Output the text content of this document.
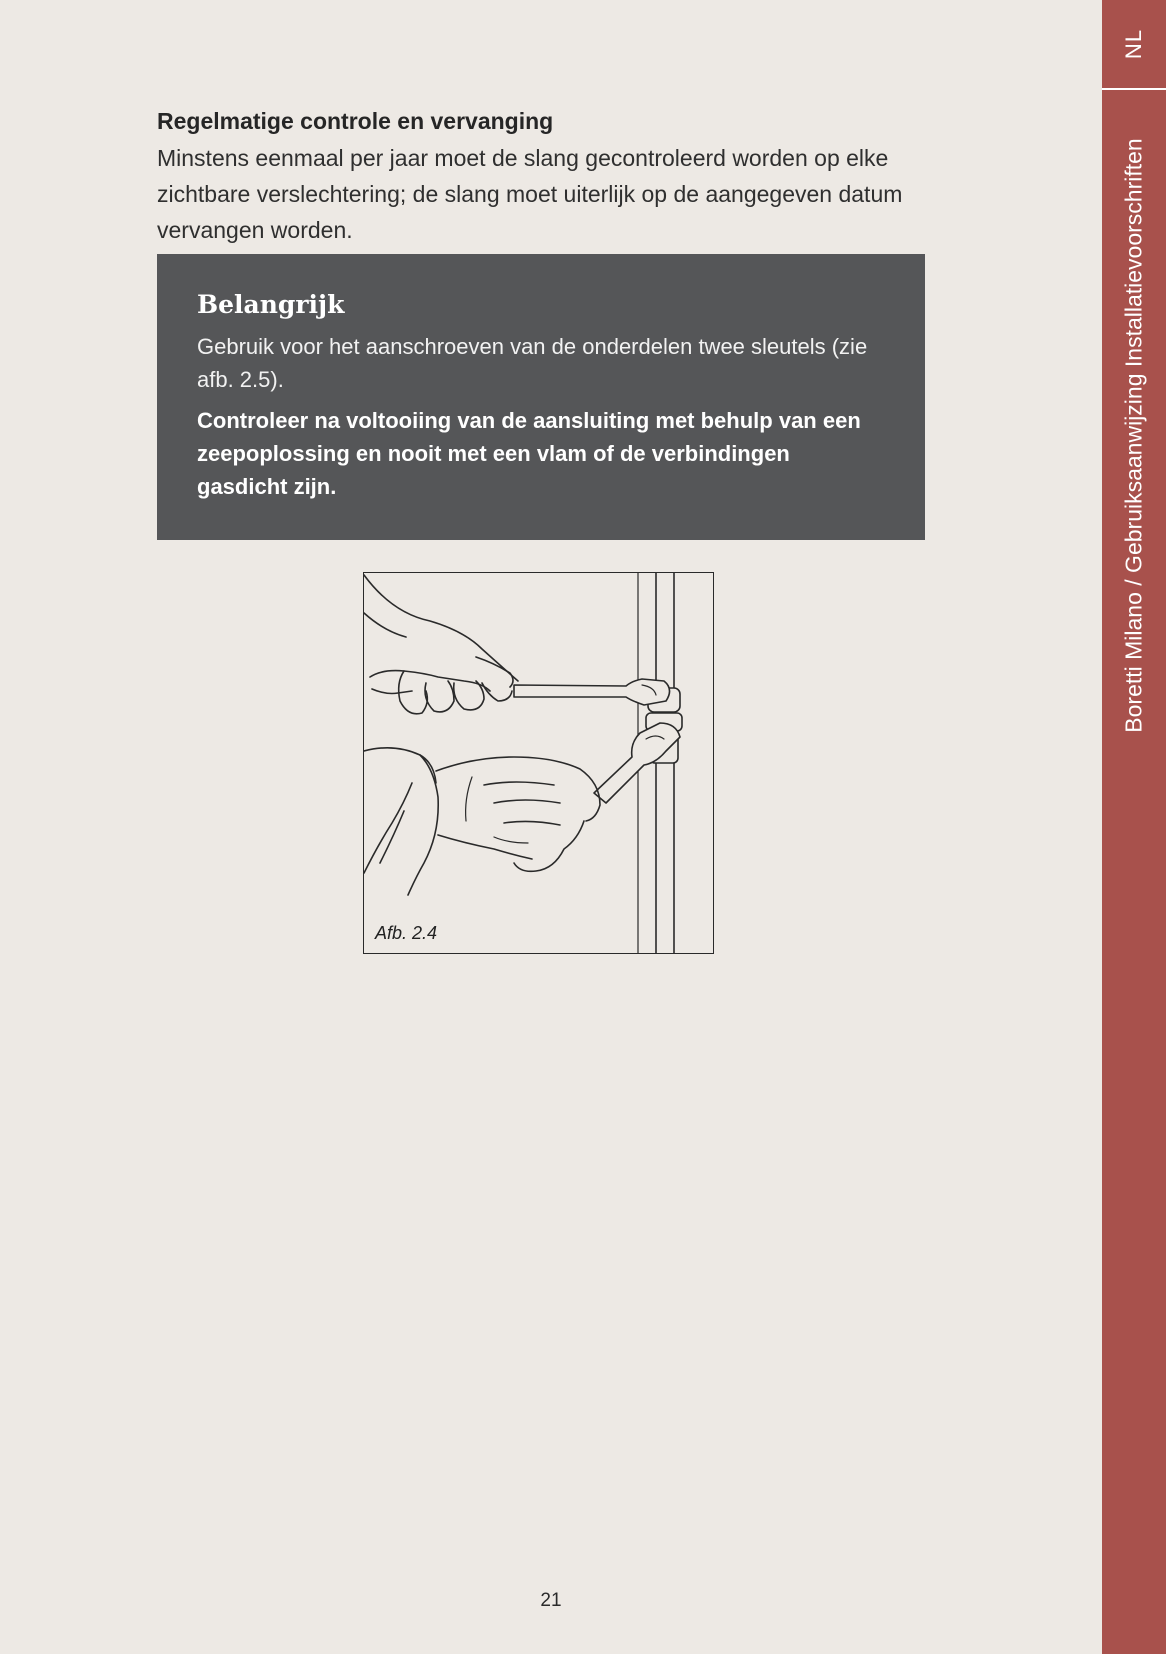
NL
Boretti Milano / Gebruiksaanwijzing Installatievoorschriften
Regelmatige controle en vervanging

Minstens eenmaal per jaar moet de slang gecontroleerd worden op elke zichtbare verslechtering; de slang moet uiterlijk op de aangegeven datum vervangen worden.

Belangrijk

Gebruik voor het aanschroeven van de onderdelen twee sleutels (zie afb. 2.5).

Controleer na voltooiing van de aansluiting met behulp van een zeepoplossing en nooit met een vlam of de verbindingen gasdicht zijn.

Afb. 2.4
21
